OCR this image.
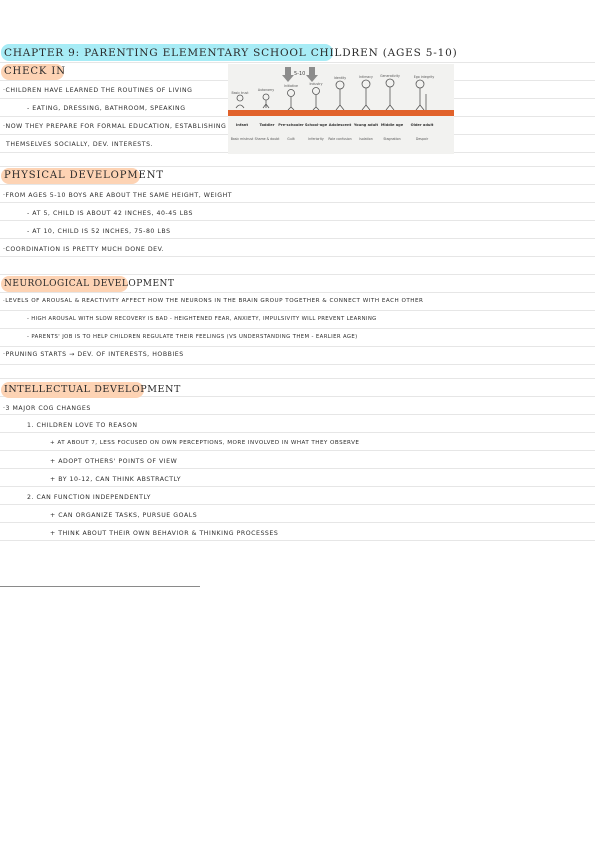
CHAPTER 9: PARENTING ELEMENTARY SCHOOL CHILDREN (AGES 5-10)
CHECK IN
·CHILDREN HAVE LEARNED THE ROUTINES OF LIVING
- EATING, DRESSING, BATHROOM, SPEAKING
·NOW THEY PREPARE FOR FORMAL EDUCATION, ESTABLISHING
THEMSELVES SOCIALLY, DEV. INTERESTS.
5-10
Basic trust
Autonomy
Initiative	Industry
Identity	Intimacy Generativity	Ego integrity
Infant	Toddler Pre-schooler School-age Adolescent Young adult Middle age Older adult
Basic mistrust Shame & doubt Guilt	Inferiority Role confusion Isolation	Stagnation	Despair
PHYSICAL DEVELOPMENT
·FROM AGES 5-10 BOYS ARE ABOUT THE SAME HEIGHT, WEIGHT
- AT 5, CHILD IS ABOUT 42 INCHES, 40-45 LBS
- AT 10, CHILD IS 52 INCHES, 75-80 LBS
·COORDINATION IS PRETTY MUCH DONE DEV.
NEUROLOGICAL DEVELOPMENT
·LEVELS OF AROUSAL & REACTIVITY AFFECT HOW THE NEURONS IN THE BRAIN GROUP TOGETHER & CONNECT WITH EACH OTHER
- HIGH AROUSAL WITH SLOW RECOVERY IS BAD - HEIGHTENED FEAR, ANXIETY, IMPULSIVITY WILL PREVENT LEARNING
- PARENTS' JOB IS TO HELP CHILDREN REGULATE THEIR FEELINGS (VS UNDERSTANDING THEM - EARLIER AGE)
·PRUNING STARTS → DEV. OF INTERESTS, HOBBIES
INTELLECTUAL DEVELOPMENT
·3 MAJOR COG CHANGES
1. CHILDREN LOVE TO REASON
+ AT ABOUT 7, LESS FOCUSED ON OWN PERCEPTIONS, MORE INVOLVED IN WHAT THEY OBSERVE
+ ADOPT OTHERS' POINTS OF VIEW
+ BY 10-12, CAN THINK ABSTRACTLY
2. CAN FUNCTION INDEPENDENTLY
+ CAN ORGANIZE TASKS, PURSUE GOALS
+ THINK ABOUT THEIR OWN BEHAVIOR & THINKING PROCESSES
